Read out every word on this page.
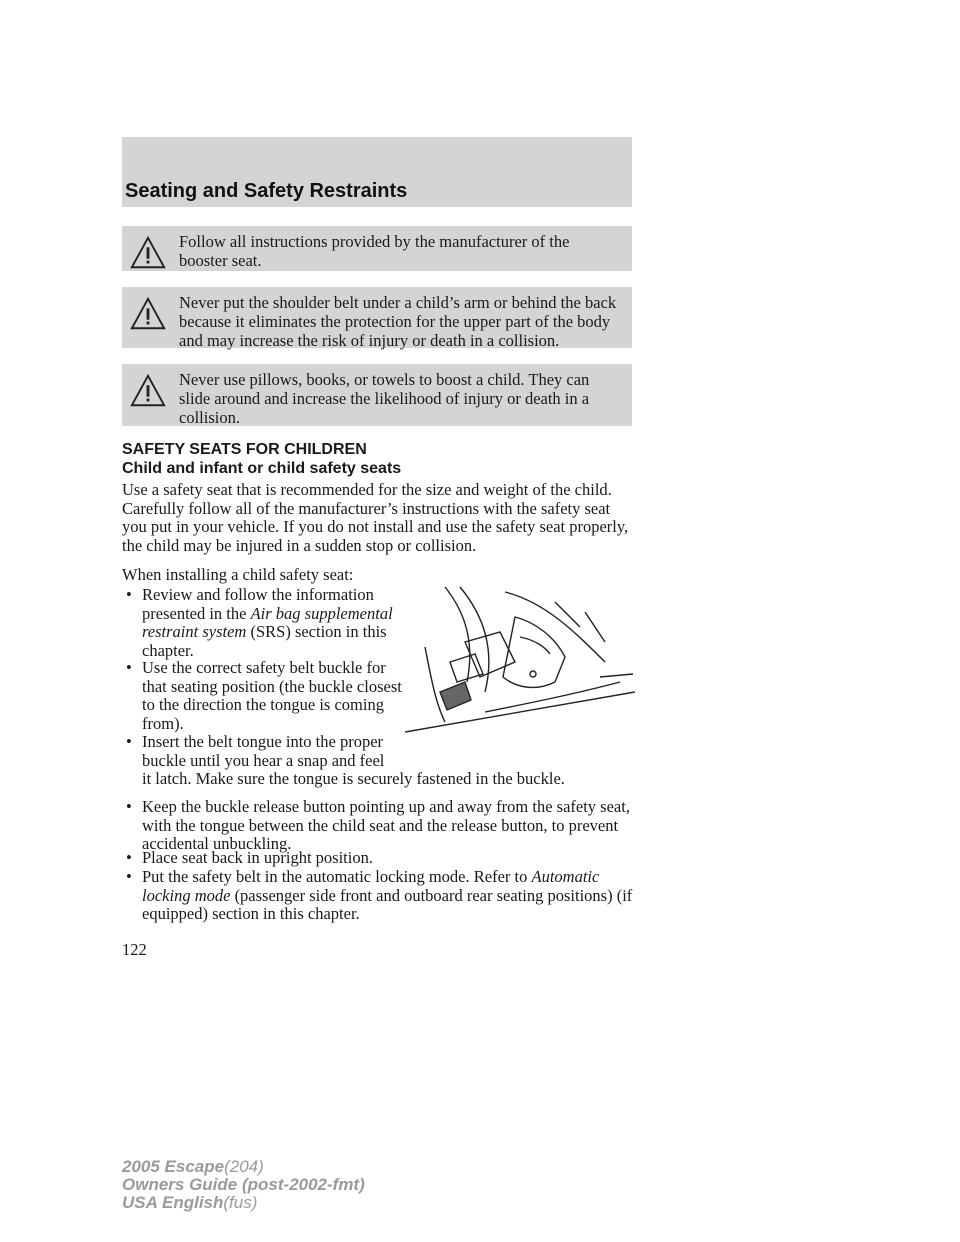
Seating and Safety Restraints
Follow all instructions provided by the manufacturer of the booster seat.
Never put the shoulder belt under a child’s arm or behind the back because it eliminates the protection for the upper part of the body and may increase the risk of injury or death in a collision.
Never use pillows, books, or towels to boost a child. They can slide around and increase the likelihood of injury or death in a collision.
SAFETY SEATS FOR CHILDREN
Child and infant or child safety seats
Use a safety seat that is recommended for the size and weight of the child. Carefully follow all of the manufacturer’s instructions with the safety seat you put in your vehicle. If you do not install and use the safety seat properly, the child may be injured in a sudden stop or collision.
When installing a child safety seat:
• Review and follow the information presented in the Air bag supplemental restraint system (SRS) section in this chapter.
• Use the correct safety belt buckle for that seating position (the buckle closest to the direction the tongue is coming from).
• Insert the belt tongue into the proper buckle until you hear a snap and feel it latch. Make sure the tongue is securely fastened in the buckle.
• Keep the buckle release button pointing up and away from the safety seat, with the tongue between the child seat and the release button, to prevent accidental unbuckling.
• Place seat back in upright position.
• Put the safety belt in the automatic locking mode. Refer to Automatic locking mode (passenger side front and outboard rear seating positions) (if equipped) section in this chapter.
122
2005 Escape(204)
Owners Guide (post-2002-fmt)
USA English(fus)
